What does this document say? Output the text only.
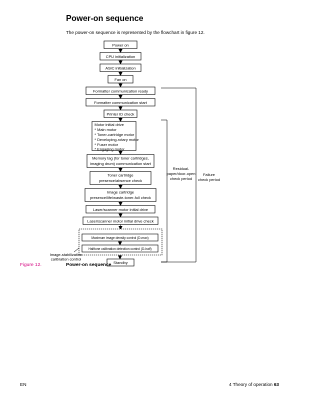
Power-on sequence
The power-on sequence is represented by the flowchart in figure 12.
Power on
CPU initialization
ASIC initialization
Fan on
Formatter communication ready
Formatter communication start
Printer ID check
Motor initial drive
* Main motor
* Toner-cartridge motor
* Developing-rotary motor
* Fuser motor
* Engaging motor
Memory tag (for toner cartridges,
imaging drum) communication start
Toner cartridge
presence/absence check
Image cartridge
presence/life/waste-toner-full check
Laser/scanner motor initial drive
Laser/scanner motor initial drive check
Maximum image density control (D-max)
Halftone calibration detection control (D-half)
Standby
Image-stabilization
calibration control
Residual-
paper/door-open
check period
Failure
check period
Figure 12.	Power-on sequence
EN	4 Theory of operation 63
